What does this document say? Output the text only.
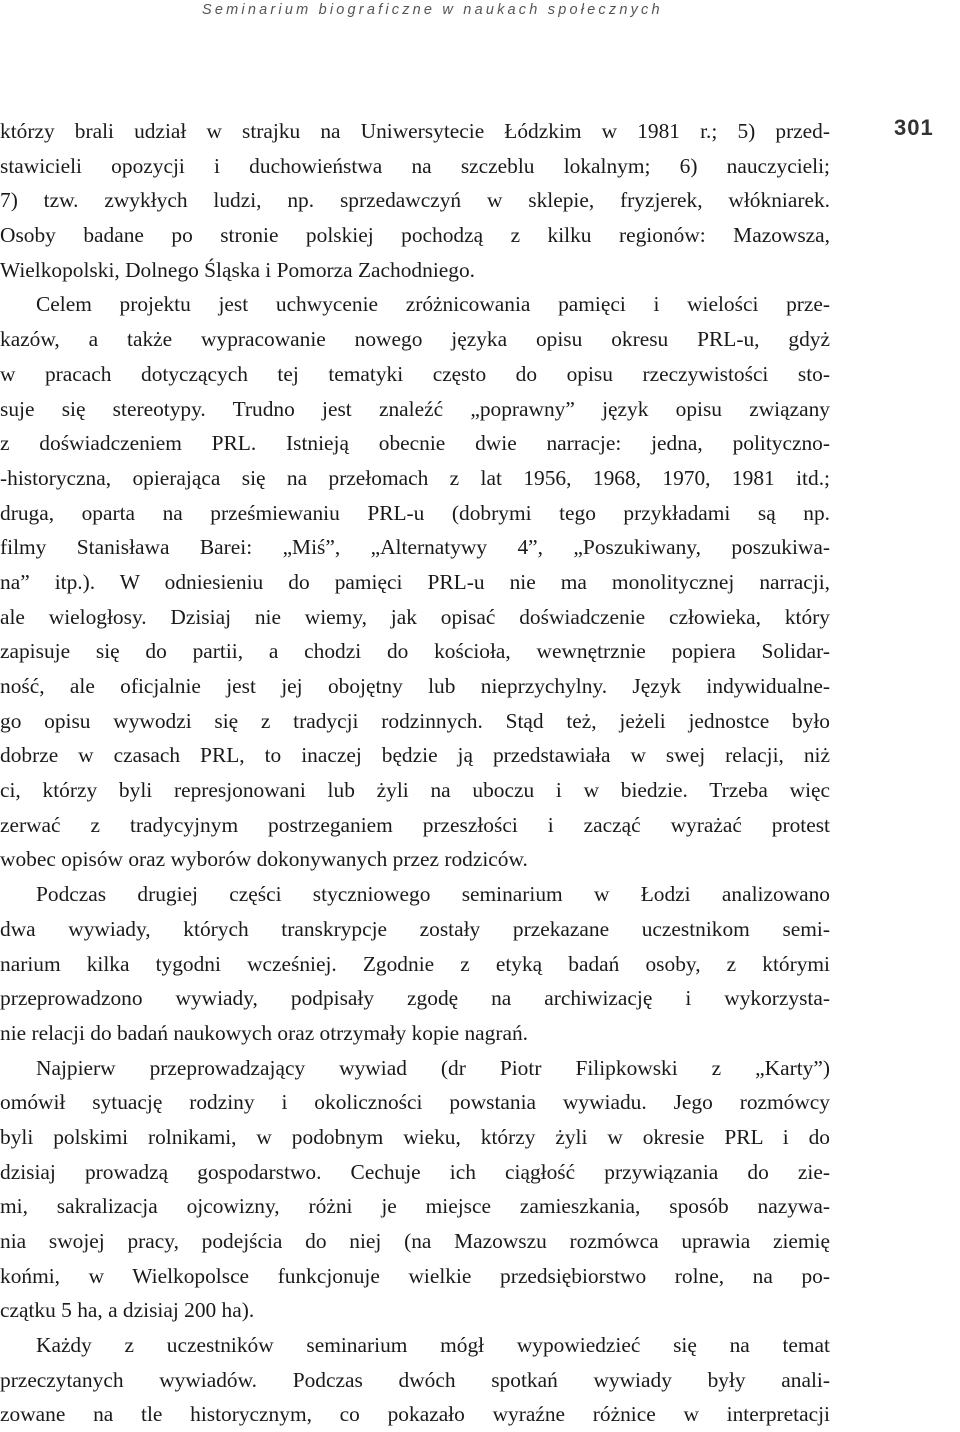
Seminarium biograficzne w naukach społecznych
301
którzy brali udział w strajku na Uniwersytecie Łódzkim w 1981 r.; 5) przed-
stawicieli opozycji i duchowieństwa na szczeblu lokalnym; 6) nauczycieli;
7) tzw. zwykłych ludzi, np. sprzedawczyń w sklepie, fryzjerek, włókniarek.
Osoby badane po stronie polskiej pochodzą z kilku regionów: Mazowsza,
Wielkopolski, Dolnego Śląska i Pomorza Zachodniego.
Celem projektu jest uchwycenie zróżnicowania pamięci i wielości prze-
kazów, a także wypracowanie nowego języka opisu okresu PRL-u, gdyż
w pracach dotyczących tej tematyki często do opisu rzeczywistości sto-
suje się stereotypy. Trudno jest znaleźć „poprawny” język opisu związany
z doświadczeniem PRL. Istnieją obecnie dwie narracje: jedna, polityczno-
-historyczna, opierająca się na przełomach z lat 1956, 1968, 1970, 1981 itd.;
druga, oparta na prześmiewaniu PRL-u (dobrymi tego przykładami są np.
filmy Stanisława Barei: „Miś”, „Alternatywy 4”, „Poszukiwany, poszukiwa-
na” itp.). W odniesieniu do pamięci PRL-u nie ma monolitycznej narracji,
ale wielogłosy. Dzisiaj nie wiemy, jak opisać doświadczenie człowieka, który
zapisuje się do partii, a chodzi do kościoła, wewnętrznie popiera Solidar-
ność, ale oficjalnie jest jej obojętny lub nieprzychylny. Język indywidualne-
go opisu wywodzi się z tradycji rodzinnych. Stąd też, jeżeli jednostce było
dobrze w czasach PRL, to inaczej będzie ją przedstawiała w swej relacji, niż
ci, którzy byli represjonowani lub żyli na uboczu i w biedzie. Trzeba więc
zerwać z tradycyjnym postrzeganiem przeszłości i zacząć wyrażać protest
wobec opisów oraz wyborów dokonywanych przez rodziców.
Podczas drugiej części styczniowego seminarium w Łodzi analizowano
dwa wywiady, których transkrypcje zostały przekazane uczestnikom semi-
narium kilka tygodni wcześniej. Zgodnie z etyką badań osoby, z którymi
przeprowadzono wywiady, podpisały zgodę na archiwizację i wykorzysta-
nie relacji do badań naukowych oraz otrzymały kopie nagrań.
Najpierw przeprowadzający wywiad (dr Piotr Filipkowski z „Karty”)
omówił sytuację rodziny i okoliczności powstania wywiadu. Jego rozmówcy
byli polskimi rolnikami, w podobnym wieku, którzy żyli w okresie PRL i do
dzisiaj prowadzą gospodarstwo. Cechuje ich ciągłość przywiązania do zie-
mi, sakralizacja ojcowizny, różni je miejsce zamieszkania, sposób nazywa-
nia swojej pracy, podejścia do niej (na Mazowszu rozmówca uprawia ziemię
końmi, w Wielkopolsce funkcjonuje wielkie przedsiębiorstwo rolne, na po-
czątku 5 ha, a dzisiaj 200 ha).
Każdy z uczestników seminarium mógł wypowiedzieć się na temat
przeczytanych wywiadów. Podczas dwóch spotkań wywiady były anali-
zowane na tle historycznym, co pokazało wyraźne różnice w interpretacji
